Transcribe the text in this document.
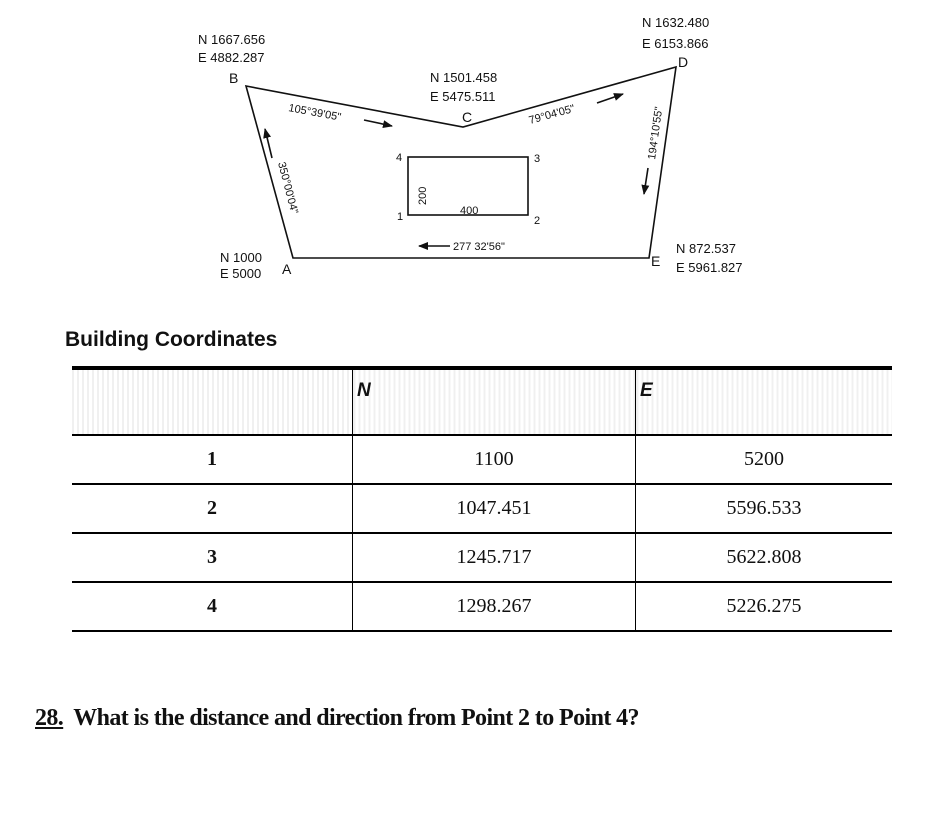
400
200
1	2
3
4
A
B
C
D
E
N 1000
E 5000
N 1667.656
E 4882.287
N 1501.458
E 5475.511
N 1632.480
E 6153.866
N 872.537
E 5961.827
105°39'05"	79°04'05"	194°10'55"
277 32'56"
350°00'04"
Building Coordinates
	N	E
1	1100	5200
2	1047.451	5596.533
3	1245.717	5622.808
4	1298.267	5226.275
28. What is the distance and direction from Point 2 to Point 4?
